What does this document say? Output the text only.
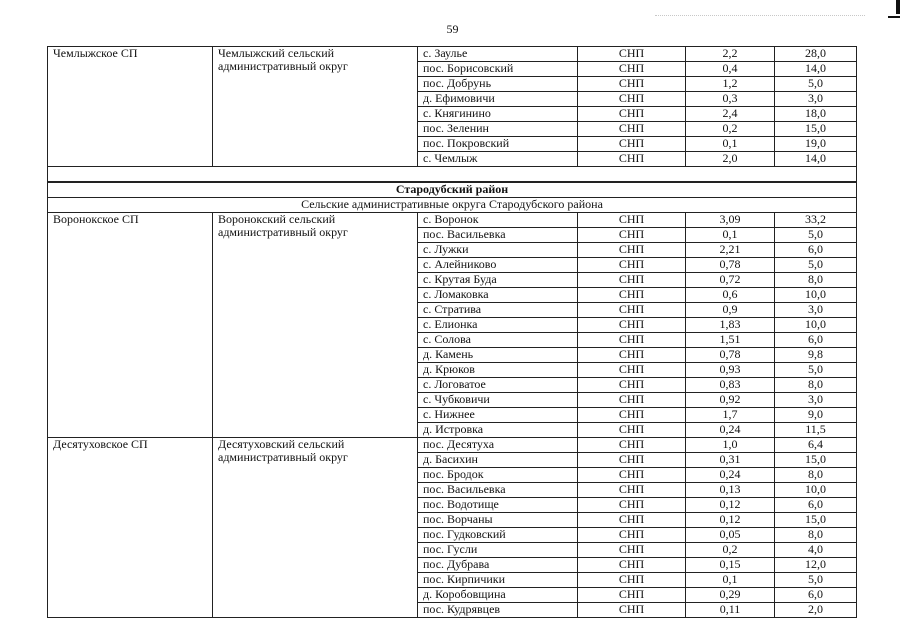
59
Чемлыжское СП	Чемлыжский сельский административный округ	с. Заулье	СНП	2,2	28,0
		пос. Борисовский	СНП	0,4	14,0
		пос. Добрунь	СНП	1,2	5,0
		д. Ефимовичи	СНП	0,3	3,0
		с. Княгинино	СНП	2,4	18,0
		пос. Зеленин	СНП	0,2	15,0
		пос. Покровский	СНП	0,1	19,0
		с. Чемлыж	СНП	2,0	14,0

Стародубский район					
Сельские административные округа Стародубского района					
Воронокское СП	Воронокский сельский административный округ	с. Воронок	СНП	3,09	33,2
		пос. Васильевка	СНП	0,1	5,0
		с. Лужки	СНП	2,21	6,0
		с. Алейниково	СНП	0,78	5,0
		с. Крутая Буда	СНП	0,72	8,0
		с. Ломаковка	СНП	0,6	10,0
		с. Стратива	СНП	0,9	3,0
		с. Елионка	СНП	1,83	10,0
		с. Солова	СНП	1,51	6,0
		д. Камень	СНП	0,78	9,8
		д. Крюков	СНП	0,93	5,0
		с. Логоватое	СНП	0,83	8,0
		с. Чубковичи	СНП	0,92	3,0
		с. Нижнее	СНП	1,7	9,0
		д. Истровка	СНП	0,24	11,5
Десятуховское СП	Десятуховский сельский административный округ	пос. Десятуха	СНП	1,0	6,4
		д. Басихин	СНП	0,31	15,0
		пос. Бродок	СНП	0,24	8,0
		пос. Васильевка	СНП	0,13	10,0
		пос. Водотище	СНП	0,12	6,0
		пос. Ворчаны	СНП	0,12	15,0
		пос. Гудковский	СНП	0,05	8,0
		пос. Гусли	СНП	0,2	4,0
		пос. Дубрава	СНП	0,15	12,0
		пос. Кирпичики	СНП	0,1	5,0
		д. Коробовщина	СНП	0,29	6,0
		пос. Кудрявцев	СНП	0,11	2,0
